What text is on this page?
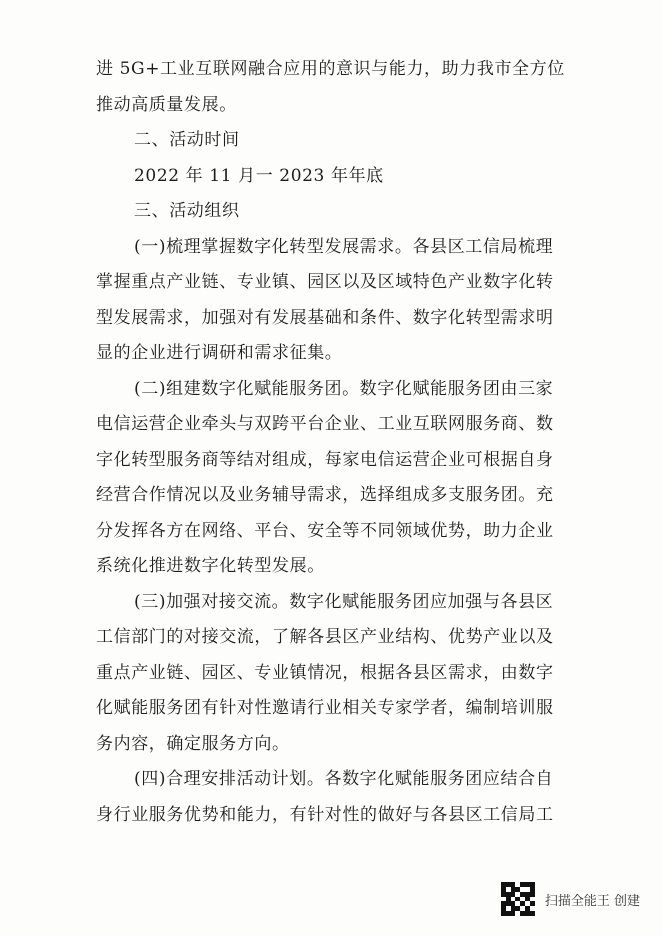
进 5G+工业互联网融合应用的意识与能力，助力我市全方位
推动高质量发展。
二、活动时间
2022 年 11 月一 2023 年年底
三、活动组织
(一)梳理掌握数字化转型发展需求。各县区工信局梳理
掌握重点产业链、专业镇、园区以及区域特色产业数字化转
型发展需求，加强对有发展基础和条件、数字化转型需求明
显的企业进行调研和需求征集。
(二)组建数字化赋能服务团。数字化赋能服务团由三家
电信运营企业牵头与双跨平台企业、工业互联网服务商、数
字化转型服务商等结对组成，每家电信运营企业可根据自身
经营合作情况以及业务辅导需求，选择组成多支服务团。充
分发挥各方在网络、平台、安全等不同领域优势，助力企业
系统化推进数字化转型发展。
(三)加强对接交流。数字化赋能服务团应加强与各县区
工信部门的对接交流，了解各县区产业结构、优势产业以及
重点产业链、园区、专业镇情况，根据各县区需求，由数字
化赋能服务团有针对性邀请行业相关专家学者，编制培训服
务内容，确定服务方向。
(四)合理安排活动计划。各数字化赋能服务团应结合自
身行业服务优势和能力，有针对性的做好与各县区工信局工
扫描全能王 创建
